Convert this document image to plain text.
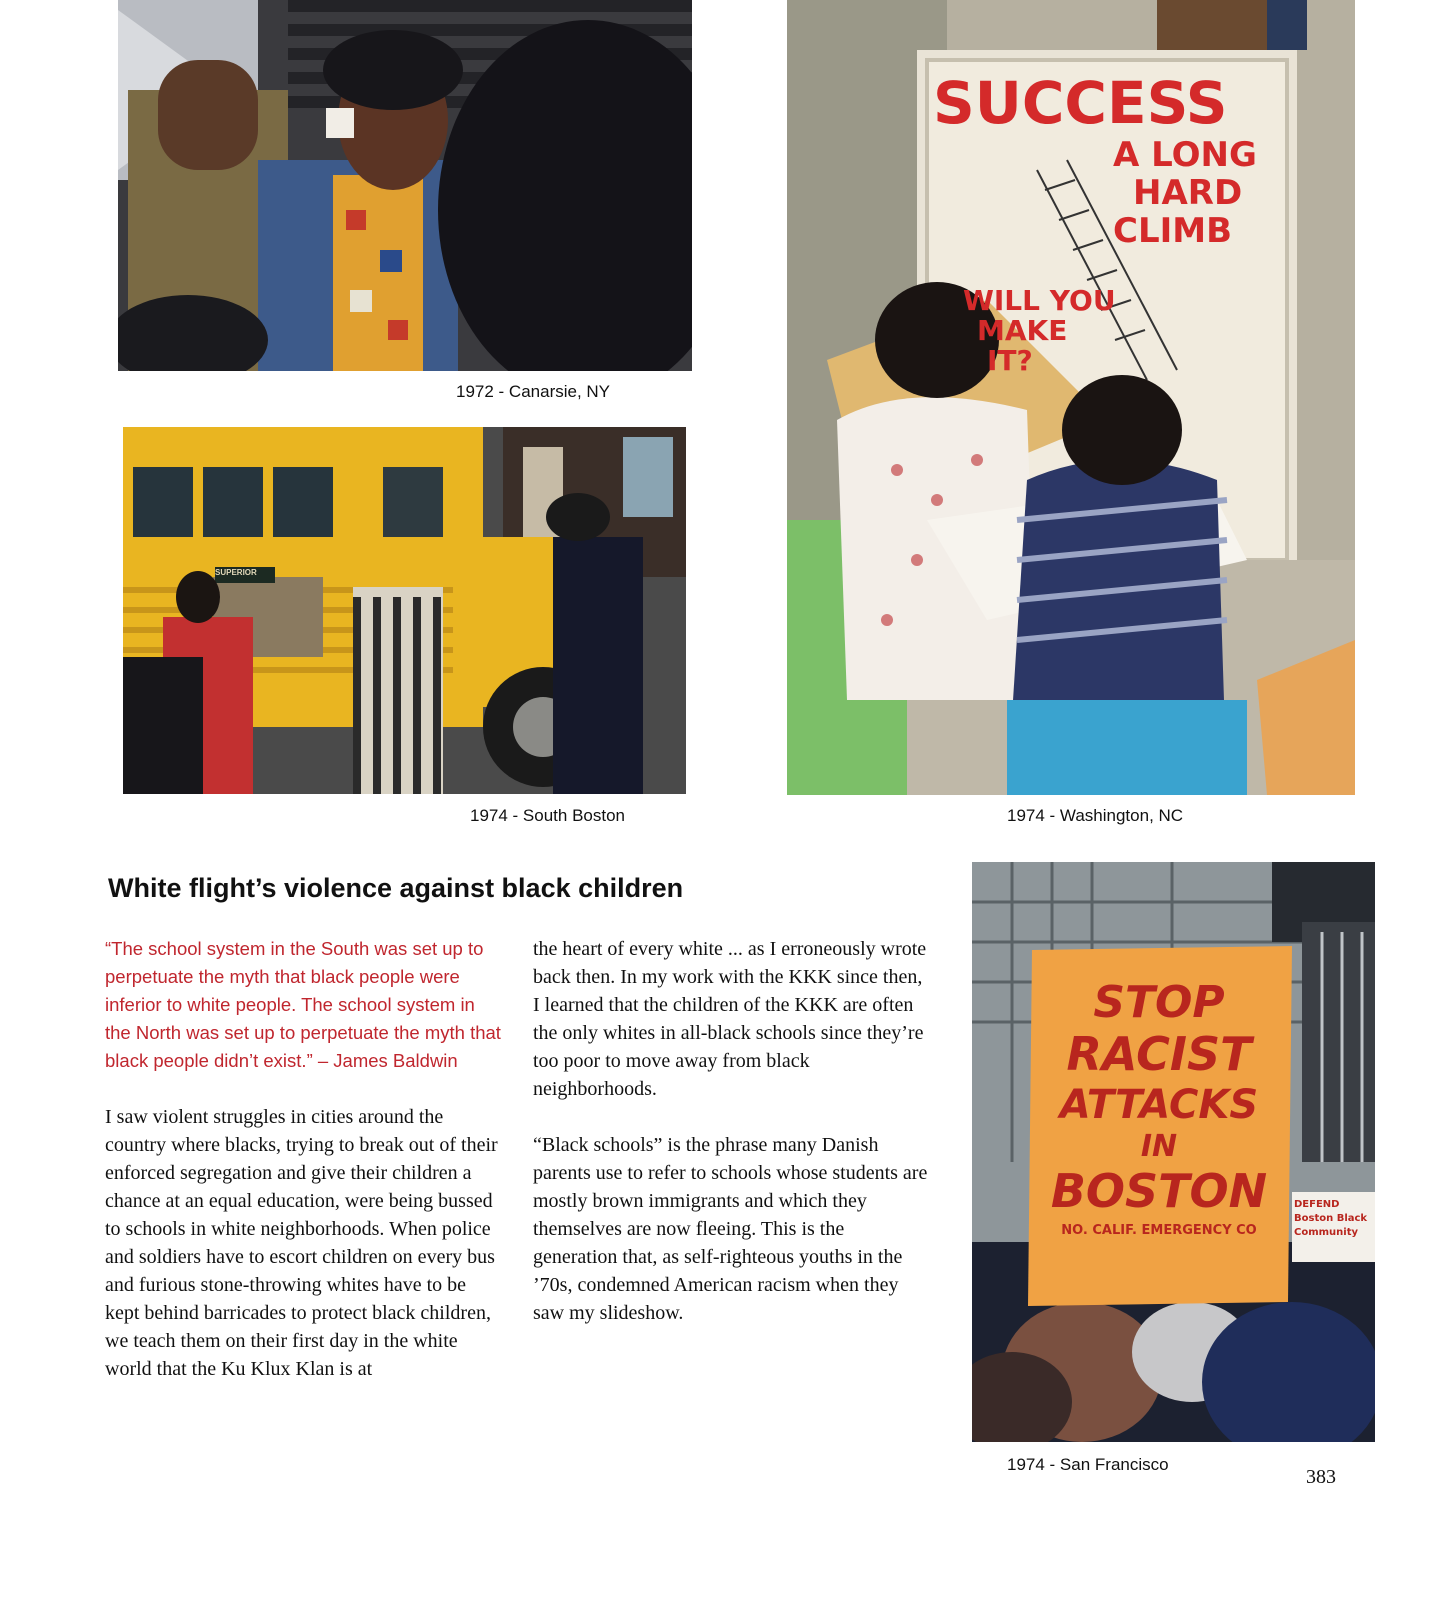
1972 - Canarsie, NY
SUPERIOR
1974 - South Boston
SUCCESS
A LONG
HARD
CLIMB
WILL YOU
MAKE
IT?
1974 - Washington, NC
White flight’s violence against black children

“The school system in the South was set up to perpetuate the myth that black people were inferior to white people. The school system in the North was set up to perpetuate the myth that black people didn’t exist.” – James Baldwin

I saw violent struggles in cities around the country where blacks, trying to break out of their enforced segregation and give their children a chance at an equal education, were being bussed to schools in white neighborhoods. When police and soldiers have to escort children on every bus and furious stone-throwing whites have to be kept behind barricades to protect black children, we teach them on their first day in the white world that the Ku Klux Klan is at

the heart of every white ... as I erroneously wrote back then. In my work with the KKK since then, I learned that the children of the KKK are often the only whites in all-black schools since they’re too poor to move away from black neighborhoods.

“Black schools” is the phrase many Danish parents use to refer to schools whose students are mostly brown immigrants and which they themselves are now fleeing. This is the generation that, as self-righteous youths in the ’70s, condemned American racism when they saw my slideshow.

STOP
RACIST
ATTACKS
IN
BOSTON
NO. CALIF. EMERGENCY CO
DEFEND
Boston Black
Community
1974 - San Francisco
383
